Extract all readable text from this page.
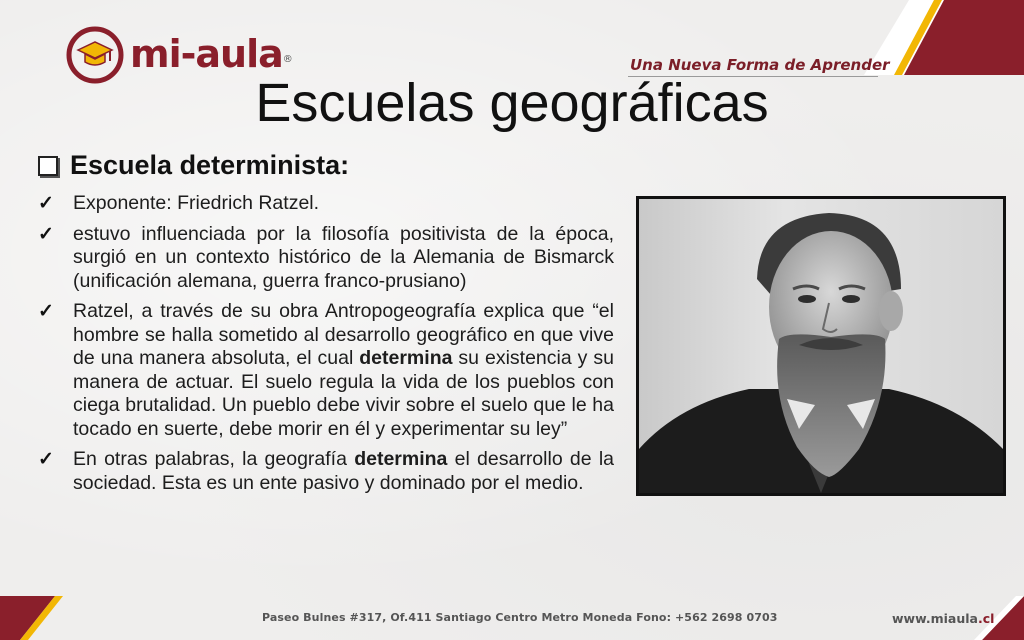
mi-aula®	Una Nueva Forma de Aprender
Escuelas geográficas
Escuela determinista:
✓ Exponente: Friedrich Ratzel.
✓ estuvo influenciada por la filosofía positivista de la época, surgió en un contexto histórico de la Alemania de Bismarck (unificación alemana, guerra franco-prusiano)
✓ Ratzel, a través de su obra Antropogeografía explica que “el hombre se halla sometido al desarrollo geográfico en que vive de una manera absoluta, el cual determina su existencia y su manera de actuar. El suelo regula la vida de los pueblos con ciega brutalidad. Un pueblo debe vivir sobre el suelo que le ha tocado en suerte, debe morir en él y experimentar su ley”
✓ En otras palabras, la geografía determina el desarrollo de la sociedad. Esta es un ente pasivo y dominado por el medio.
Paseo Bulnes #317, Of.411 Santiago Centro Metro Moneda Fono: +562 2698 0703	www.miaula.cl
